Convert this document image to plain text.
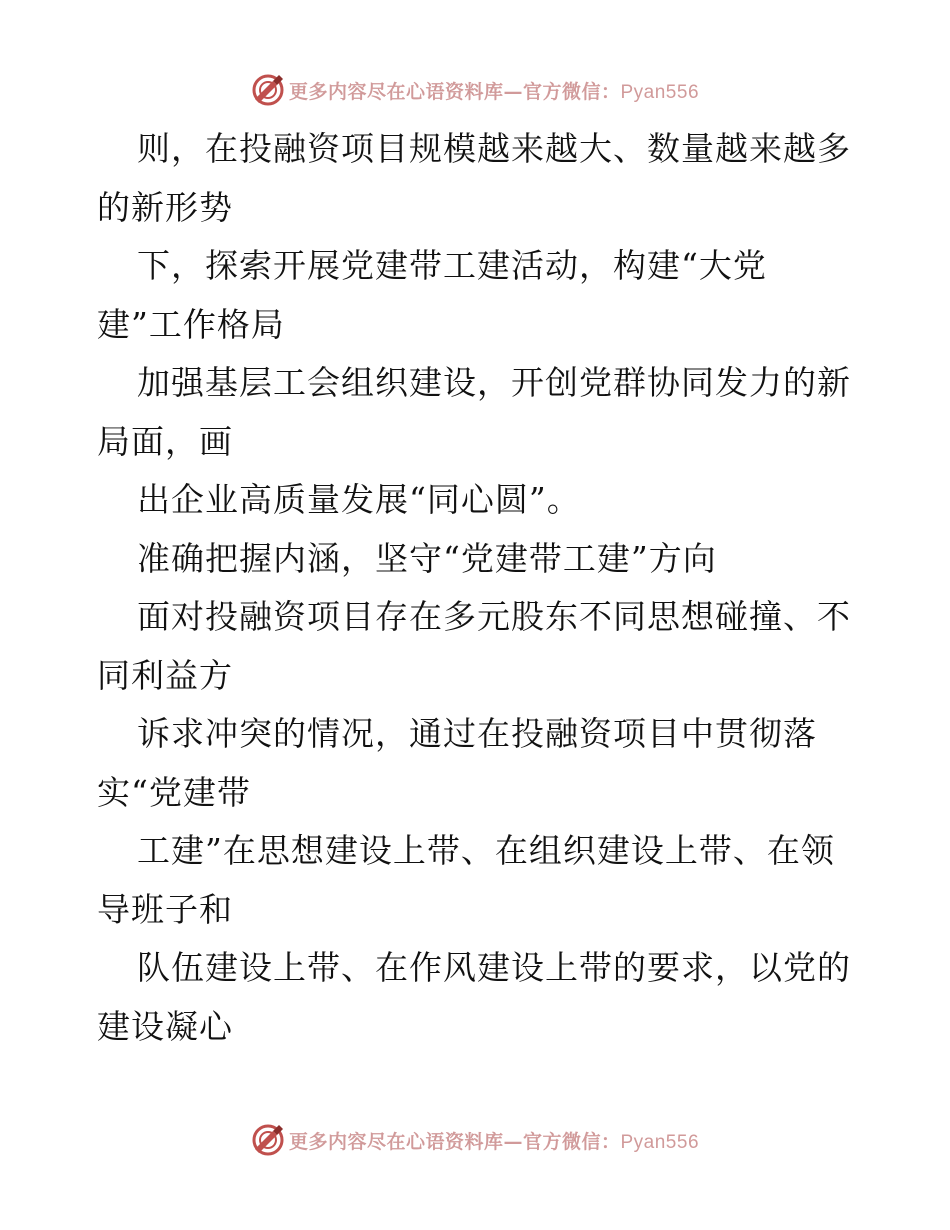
更多内容尽在心语资料库—官方微信：Pyan556
则，在投融资项目规模越来越大、数量越来越多
的新形势
下，探索开展党建带工建活动，构建“大党
建”工作格局
加强基层工会组织建设，开创党群协同发力的新
局面，画
出企业高质量发展“同心圆”。
准确把握内涵，坚守“党建带工建”方向
面对投融资项目存在多元股东不同思想碰撞、不
同利益方
诉求冲突的情况，通过在投融资项目中贯彻落
实“党建带
工建”在思想建设上带、在组织建设上带、在领
导班子和
队伍建设上带、在作风建设上带的要求，以党的
建设凝心
更多内容尽在心语资料库—官方微信：Pyan556
